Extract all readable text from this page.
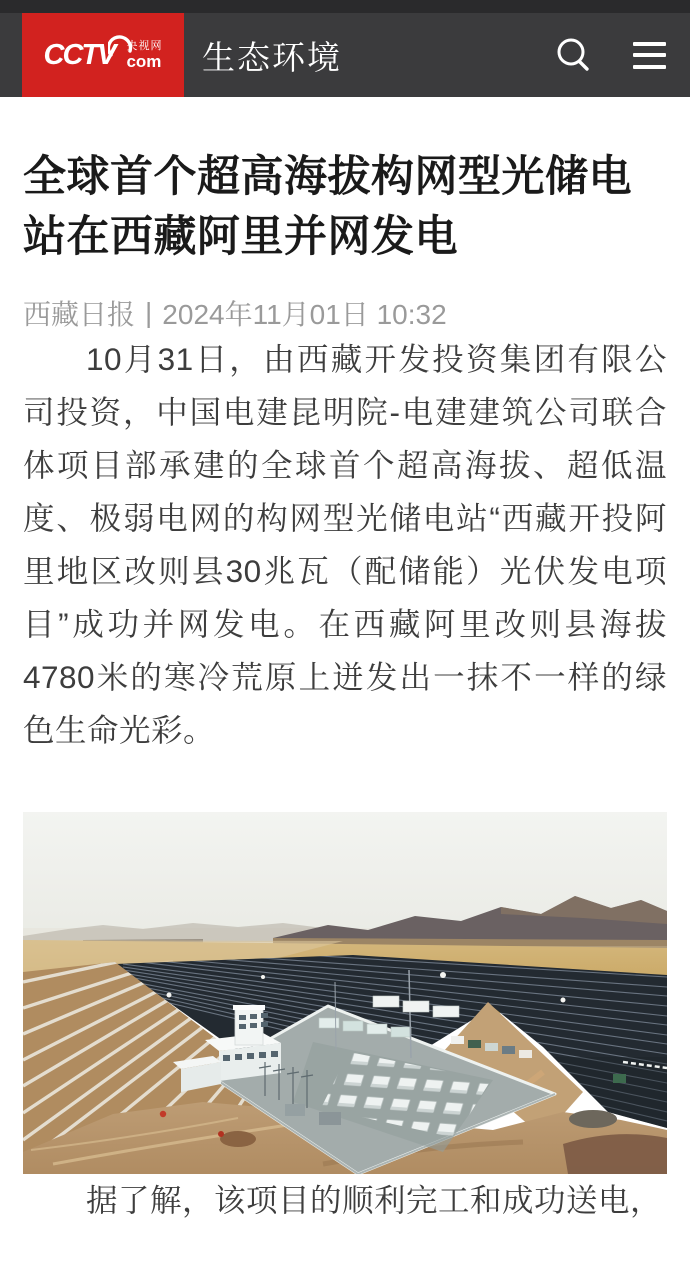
CCTV 央视网
com 生态环境
全球首个超高海拔构网型光储电站在西藏阿里并网发电
西藏日报 | 2024年11月01日 10:32

10月31日，由西藏开发投资集团有限公司投资，中国电建昆明院-电建建筑公司联合体项目部承建的全球首个超高海拔、超低温度、极弱电网的构网型光储电站“西藏开投阿里地区改则县30兆瓦（配储能）光伏发电项目”成功并网发电。在西藏阿里改则县海拔4780米的寒冷荒原上迸发出一抹不一样的绿色生命光彩。

据了解，该项目的顺利完工和成功送电，
